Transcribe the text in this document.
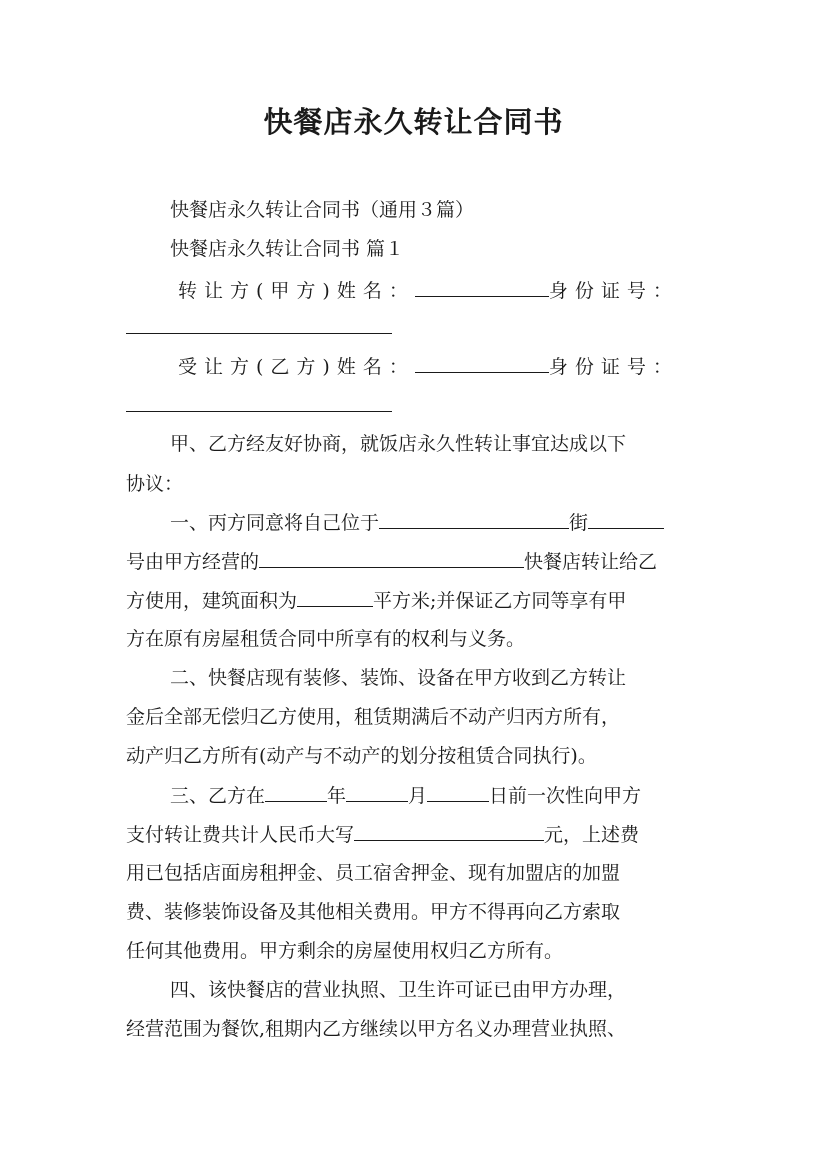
快餐店永久转让合同书
快餐店永久转让合同书（通用３篇）
快餐店永久转让合同书 篇１
转让方(甲方)姓名：	身份证号：
受让方(乙方)姓名：	身份证号：
甲、乙方经友好协商，就饭店永久性转让事宜达成以下
协议：
一、丙方同意将自己位于	街
号由甲方经营的	快餐店转让给乙
方使用，建筑面积为	平方米;并保证乙方同等享有甲
方在原有房屋租赁合同中所享有的权利与义务。
二、快餐店现有装修、装饰、设备在甲方收到乙方转让
金后全部无偿归乙方使用，租赁期满后不动产归丙方所有，
动产归乙方所有(动产与不动产的划分按租赁合同执行)。
三、乙方在	年	月	日前一次性向甲方
支付转让费共计人民币大写	元，上述费
用已包括店面房租押金、员工宿舍押金、现有加盟店的加盟
费、装修装饰设备及其他相关费用。甲方不得再向乙方索取
任何其他费用。甲方剩余的房屋使用权归乙方所有。
四、该快餐店的营业执照、卫生许可证已由甲方办理，
经营范围为餐饮,租期内乙方继续以甲方名义办理营业执照、
